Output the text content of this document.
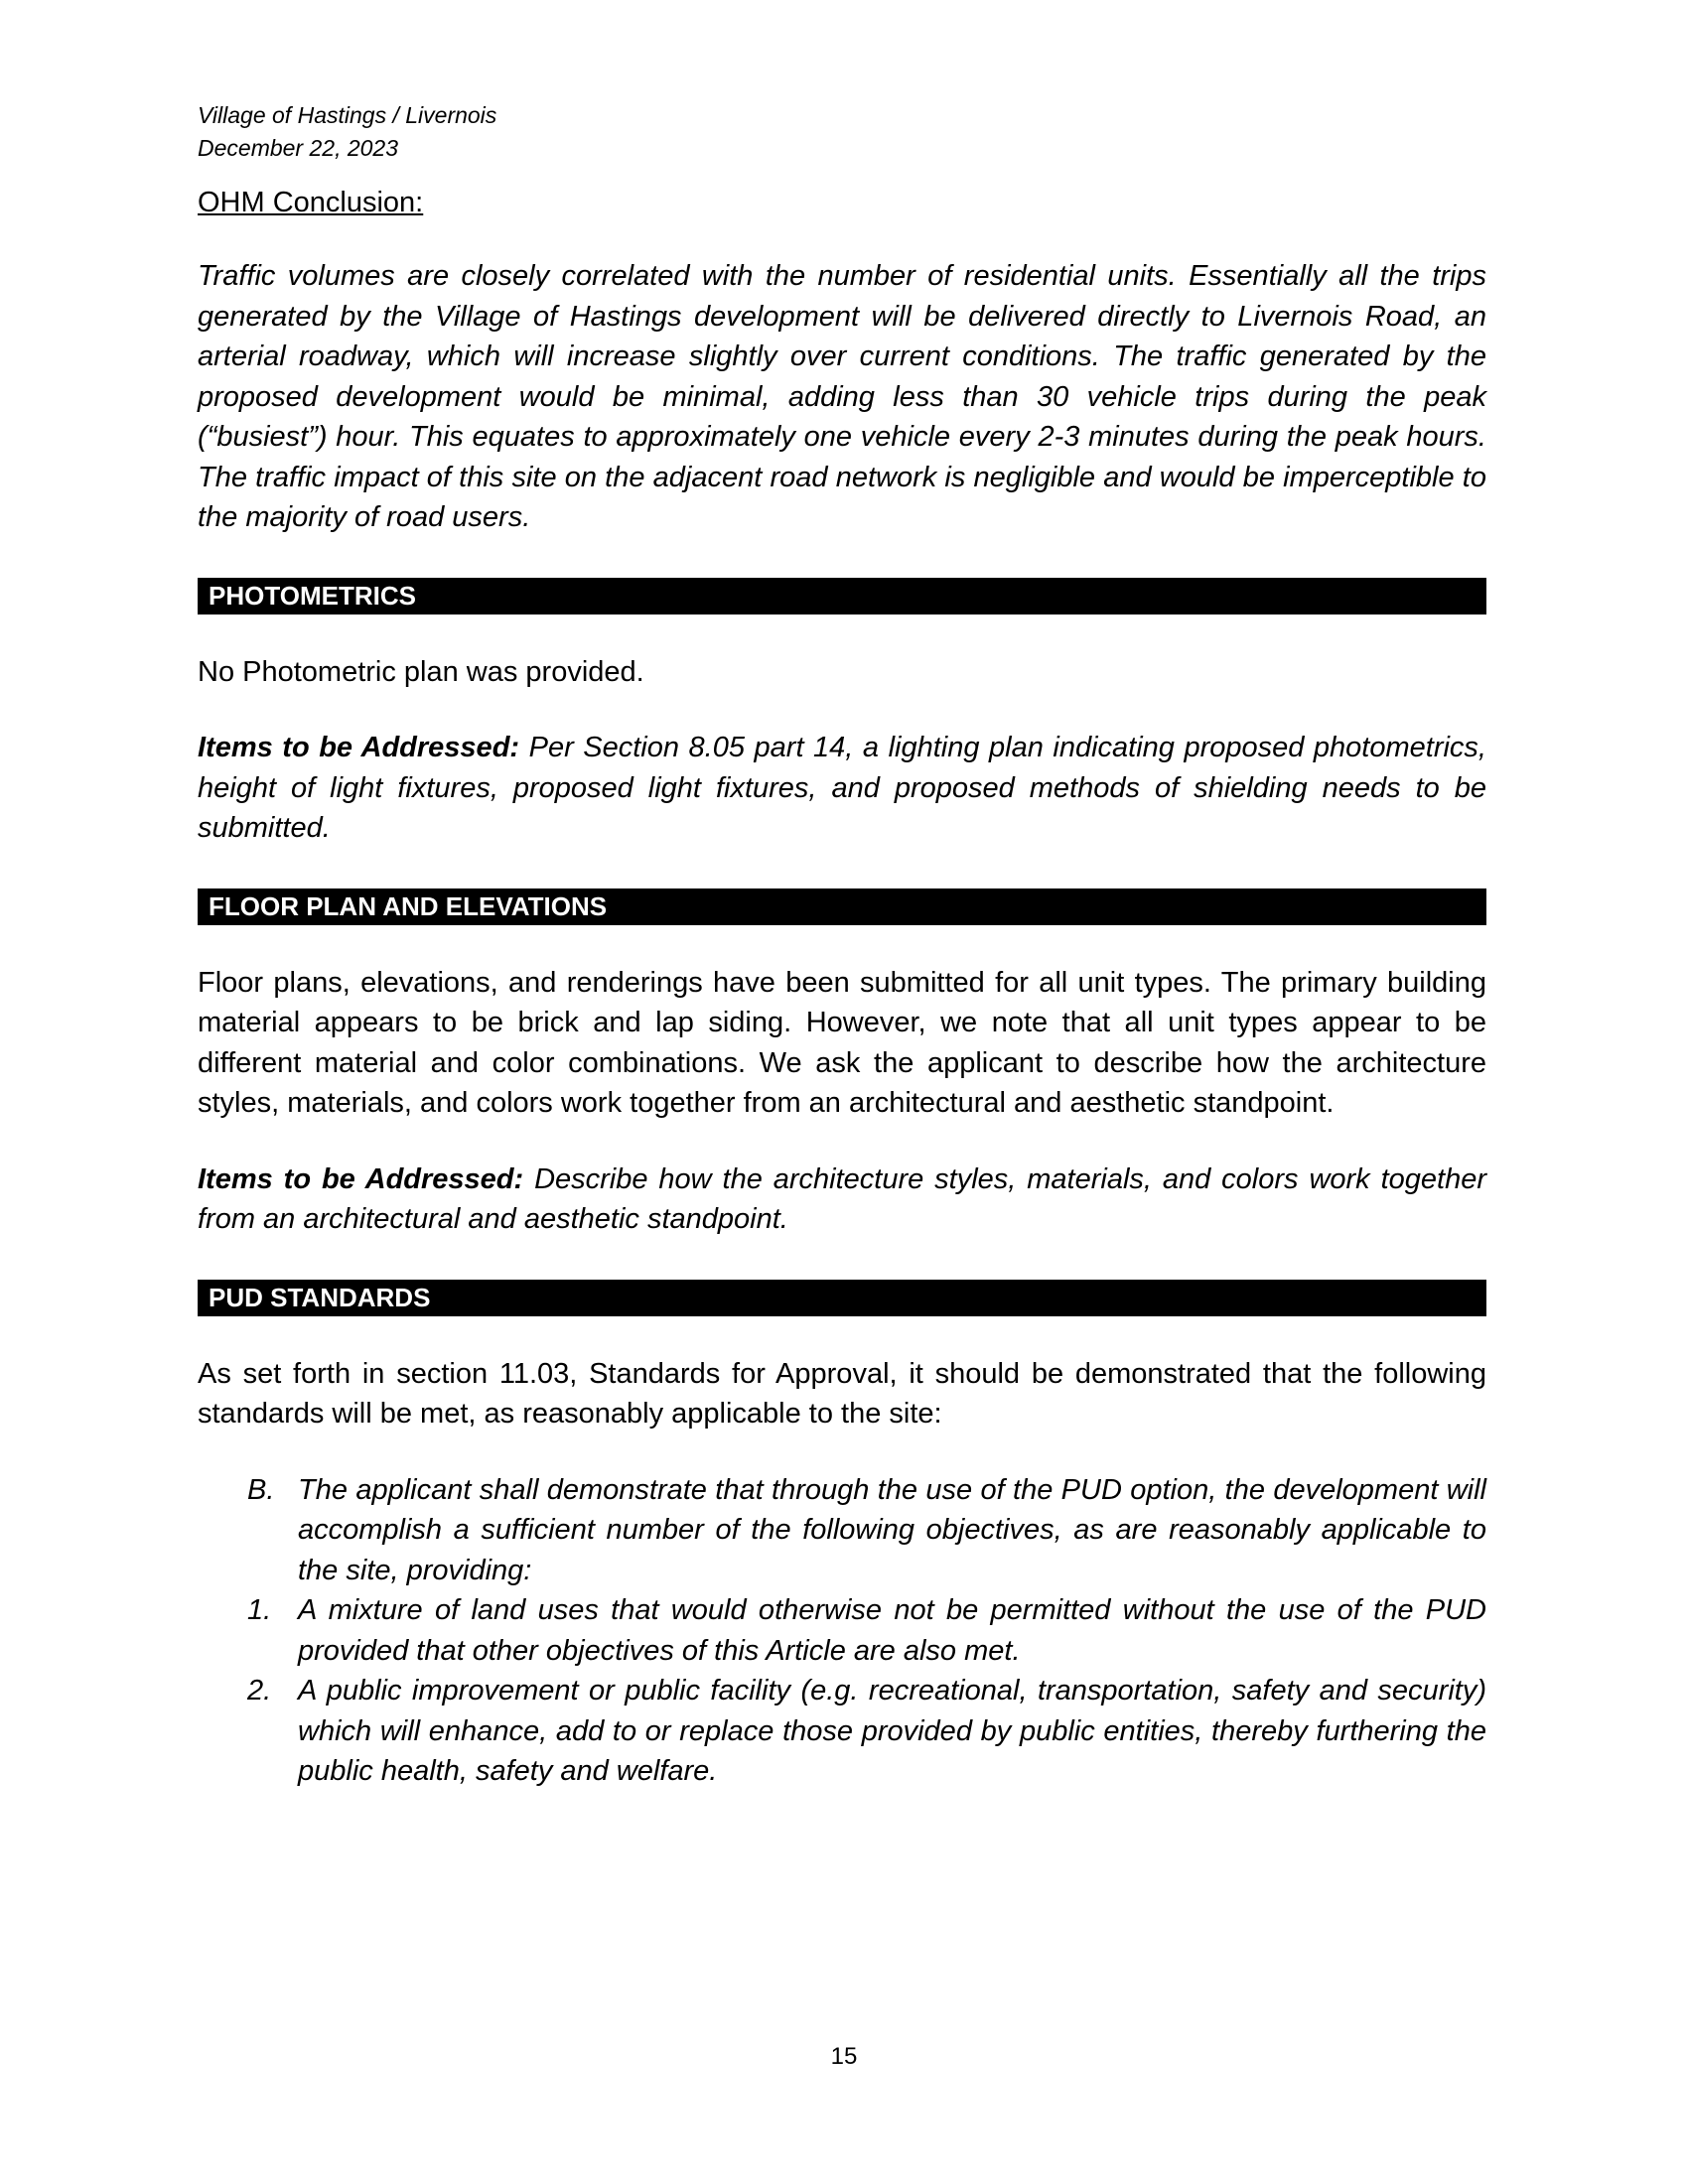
Village of Hastings / Livernois

December 22, 2023

OHM Conclusion:

Traffic volumes are closely correlated with the number of residential units. Essentially all the trips generated by the Village of Hastings development will be delivered directly to Livernois Road, an arterial roadway, which will increase slightly over current conditions. The traffic generated by the proposed development would be minimal, adding less than 30 vehicle trips during the peak (“busiest”) hour. This equates to approximately one vehicle every 2-3 minutes during the peak hours. The traffic impact of this site on the adjacent road network is negligible and would be imperceptible to the majority of road users.

PHOTOMETRICS

No Photometric plan was provided.

Items to be Addressed: Per Section 8.05 part 14, a lighting plan indicating proposed photometrics, height of light fixtures, proposed light fixtures, and proposed methods of shielding needs to be submitted.

FLOOR PLAN AND ELEVATIONS

Floor plans, elevations, and renderings have been submitted for all unit types. The primary building material appears to be brick and lap siding. However, we note that all unit types appear to be different material and color combinations. We ask the applicant to describe how the architecture styles, materials, and colors work together from an architectural and aesthetic standpoint.

Items to be Addressed: Describe how the architecture styles, materials, and colors work together from an architectural and aesthetic standpoint.

PUD STANDARDS

As set forth in section 11.03, Standards for Approval, it should be demonstrated that the following standards will be met, as reasonably applicable to the site:

B. The applicant shall demonstrate that through the use of the PUD option, the development will accomplish a sufficient number of the following objectives, as are reasonably applicable to the site, providing:
1. A mixture of land uses that would otherwise not be permitted without the use of the PUD provided that other objectives of this Article are also met.
2. A public improvement or public facility (e.g. recreational, transportation, safety and security) which will enhance, add to or replace those provided by public entities, thereby furthering the public health, safety and welfare.
15
